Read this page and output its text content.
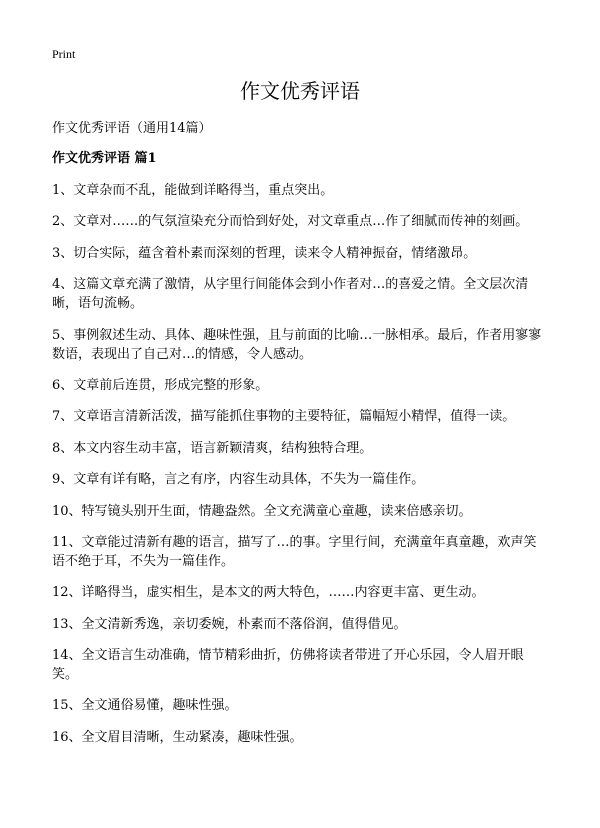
Print
作文优秀评语

作文优秀评语（通用14篇）

作文优秀评语 篇1
1、文章杂而不乱，能做到详略得当，重点突出。
2、文章对……的气氛渲染充分而恰到好处，对文章重点…作了细腻而传神的刻画。
3、切合实际，蕴含着朴素而深刻的哲理，读来令人精神振奋，情绪激昂。
4、这篇文章充满了激情，从字里行间能体会到小作者对…的喜爱之情。全文层次清晰，语句流畅。
5、事例叙述生动、具体、趣味性强，且与前面的比喻…一脉相承。最后，作者用寥寥数语，表现出了自己对…的情感，令人感动。
6、文章前后连贯，形成完整的形象。
7、文章语言清新活泼，描写能抓住事物的主要特征，篇幅短小精悍，值得一读。
8、本文内容生动丰富，语言新颖清爽，结构独特合理。
9、文章有详有略，言之有序，内容生动具体，不失为一篇佳作。
10、特写镜头别开生面，情趣盎然。全文充满童心童趣，读来倍感亲切。
11、文章能过清新有趣的语言，描写了…的事。字里行间，充满童年真童趣，欢声笑语不绝于耳，不失为一篇佳作。
12、详略得当，虚实相生，是本文的两大特色，……内容更丰富、更生动。
13、全文清新秀逸，亲切委婉，朴素而不落俗润，值得借见。
14、全文语言生动准确，情节精彩曲折，仿佛将读者带进了开心乐园，令人眉开眼笑。
15、全文通俗易懂，趣味性强。
16、全文眉目清晰，生动紧凑，趣味性强。
